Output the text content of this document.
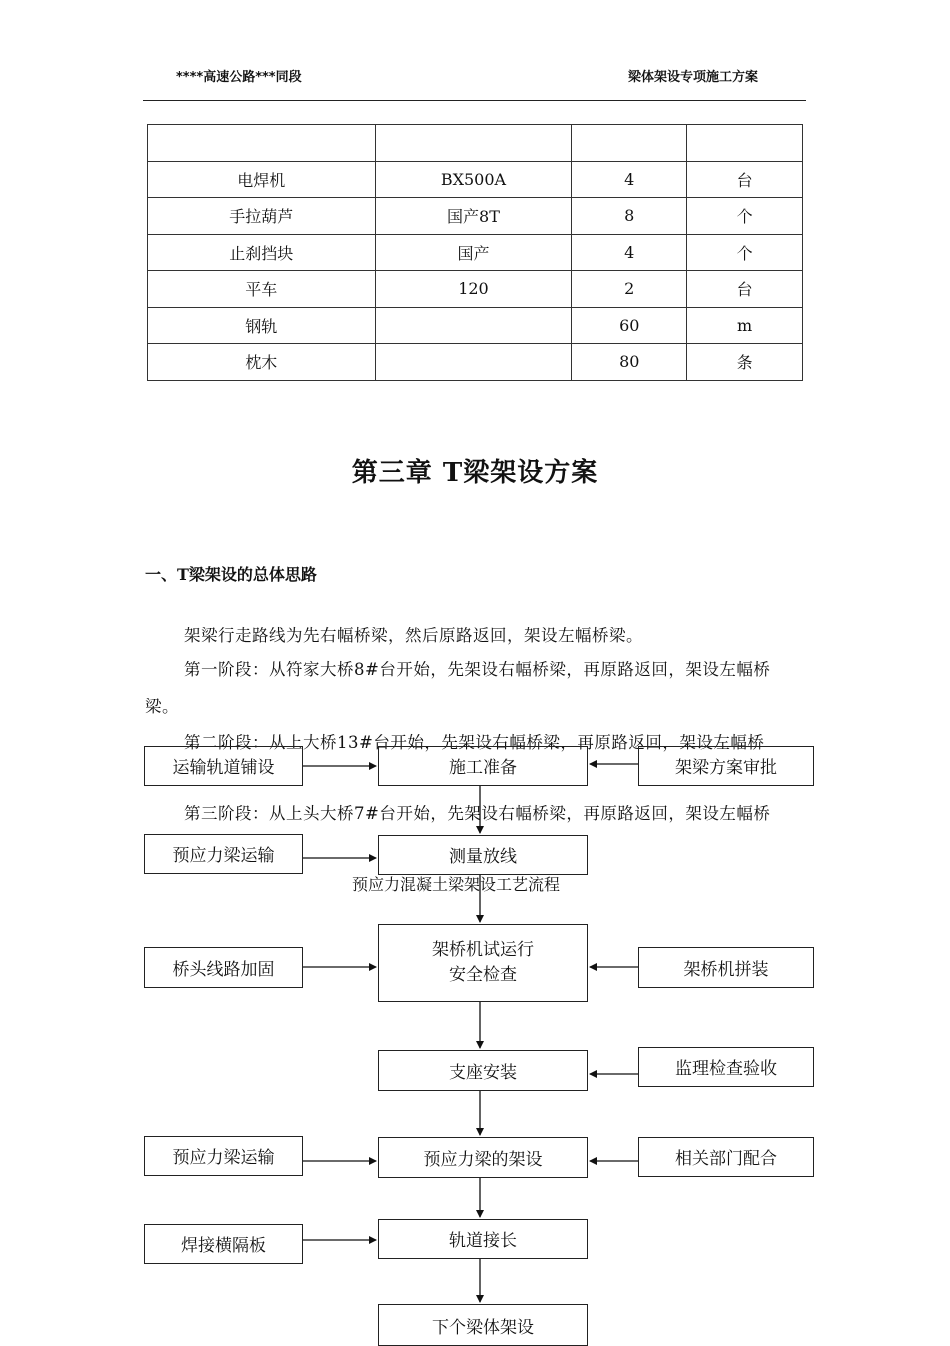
****高速公路***同段	梁体架设专项施工方案

电焊机	BX500A	4	台
手拉葫芦	国产8T	8	个
止刹挡块	国产	4	个
平车	120	2	台
钢轨		60	m
枕木		80	条
第三章 T梁架设方案
一、T梁架设的总体思路
架梁行走路线为先右幅桥梁，然后原路返回，架设左幅桥梁。
第一阶段：从符家大桥8#台开始，先架设右幅桥梁，再原路返回，架设左幅桥
梁。
第二阶段：从上大桥13#台开始，先架设右幅桥梁，再原路返回，架设左幅桥
第三阶段：从上头大桥7#台开始，先架设右幅桥梁，再原路返回，架设左幅桥
预应力混凝土梁架设工艺流程
施工准备
测量放线
架桥机试运行
安全检查
支座安装
预应力梁的架设
轨道接长
下个梁体架设
运输轨道铺设
预应力梁运输
桥头线路加固
预应力梁运输
焊接横隔板
架梁方案审批
架桥机拼装
监理检查验收
相关部门配合
